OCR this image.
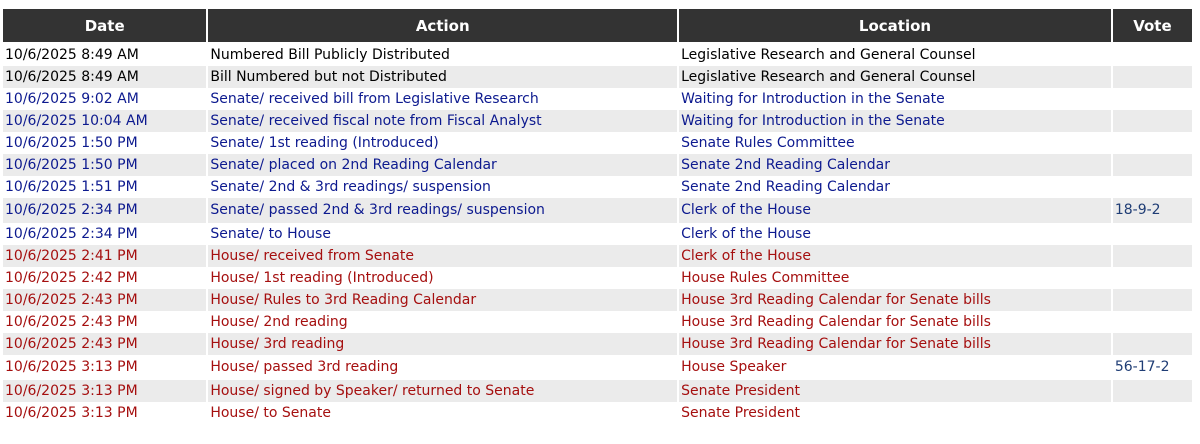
Date	Action	Location	Vote
10/6/2025 8:49 AM	Numbered Bill Publicly Distributed	Legislative Research and General Counsel	
10/6/2025 8:49 AM	Bill Numbered but not Distributed	Legislative Research and General Counsel	
10/6/2025 9:02 AM	Senate/ received bill from Legislative Research	Waiting for Introduction in the Senate	
10/6/2025 10:04 AM	Senate/ received fiscal note from Fiscal Analyst	Waiting for Introduction in the Senate	
10/6/2025 1:50 PM	Senate/ 1st reading (Introduced)	Senate Rules Committee	
10/6/2025 1:50 PM	Senate/ placed on 2nd Reading Calendar	Senate 2nd Reading Calendar	
10/6/2025 1:51 PM	Senate/ 2nd & 3rd readings/ suspension	Senate 2nd Reading Calendar	
10/6/2025 2:34 PM	Senate/ passed 2nd & 3rd readings/ suspension	Clerk of the House	18-9-2
10/6/2025 2:34 PM	Senate/ to House	Clerk of the House	
10/6/2025 2:41 PM	House/ received from Senate	Clerk of the House	
10/6/2025 2:42 PM	House/ 1st reading (Introduced)	House Rules Committee	
10/6/2025 2:43 PM	House/ Rules to 3rd Reading Calendar	House 3rd Reading Calendar for Senate bills	
10/6/2025 2:43 PM	House/ 2nd reading	House 3rd Reading Calendar for Senate bills	
10/6/2025 2:43 PM	House/ 3rd reading	House 3rd Reading Calendar for Senate bills	
10/6/2025 3:13 PM	House/ passed 3rd reading	House Speaker	56-17-2
10/6/2025 3:13 PM	House/ signed by Speaker/ returned to Senate	Senate President	
10/6/2025 3:13 PM	House/ to Senate	Senate President	
